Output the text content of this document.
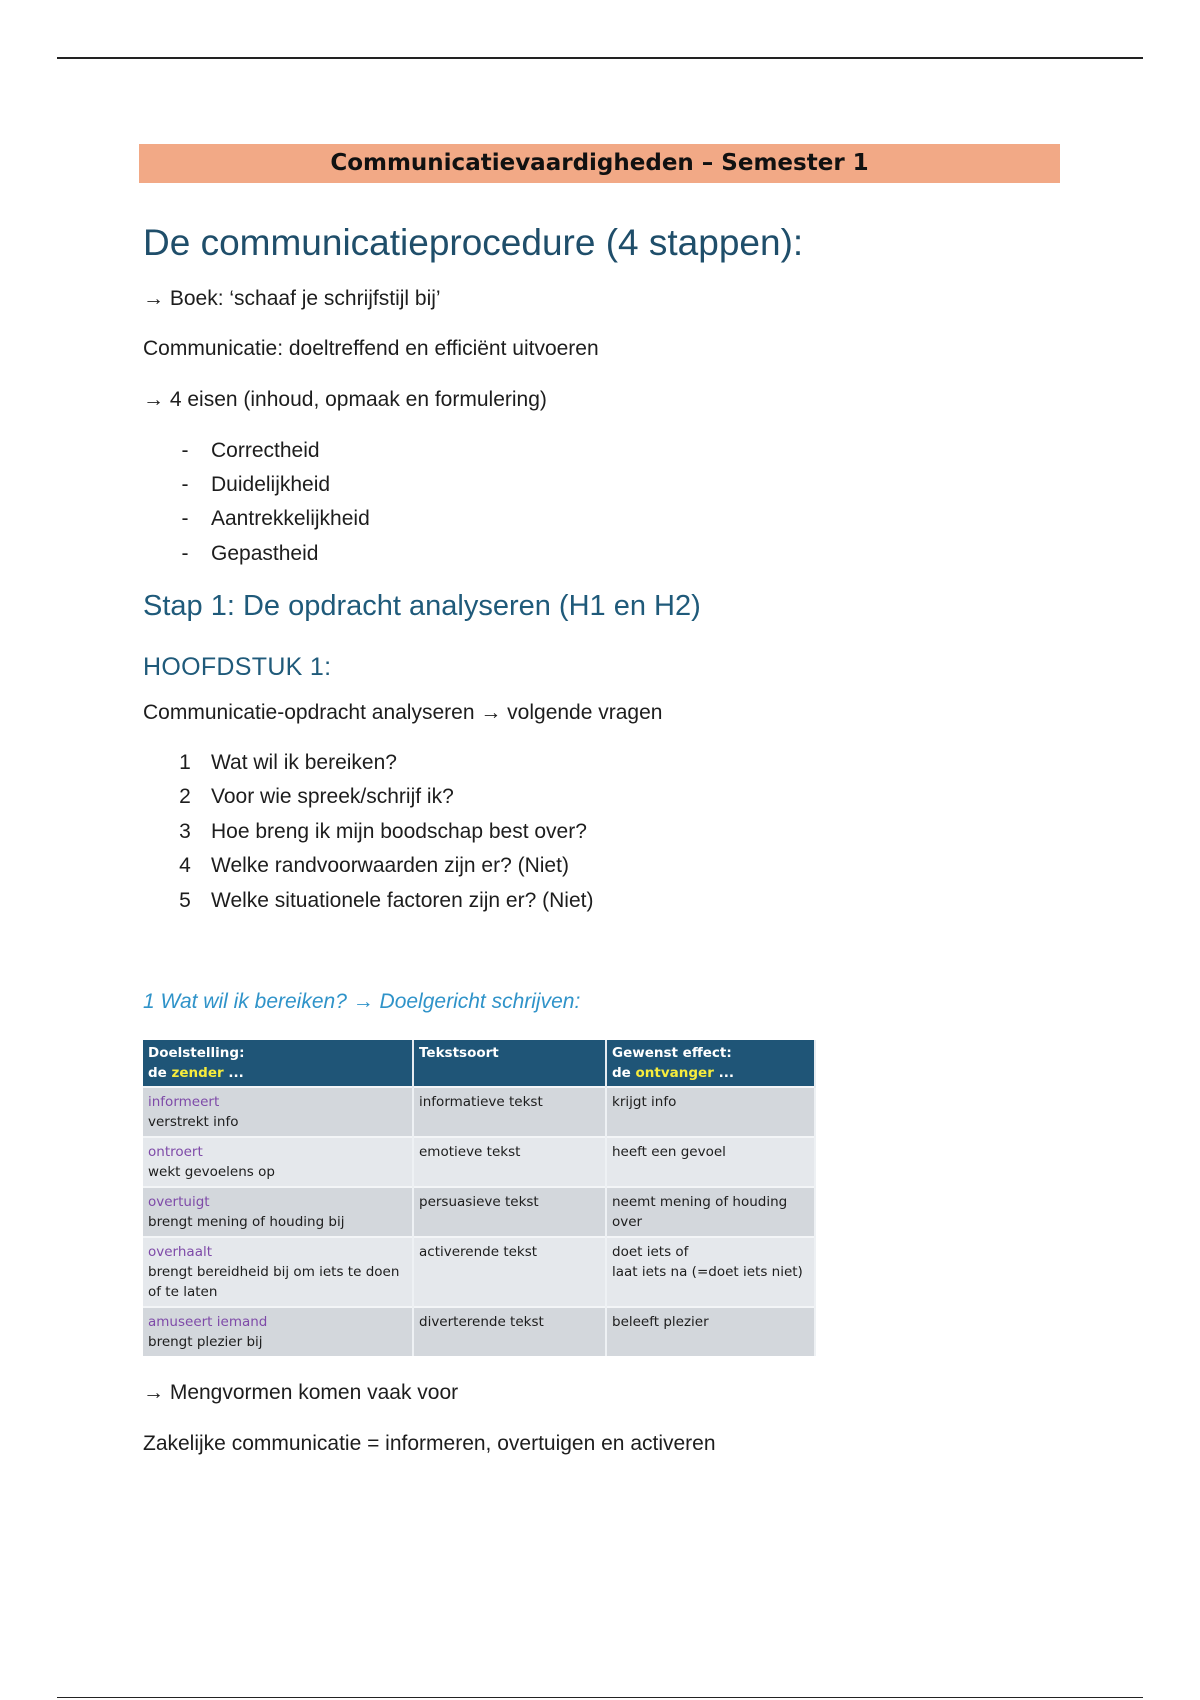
Communicatievaardigheden – Semester 1
De communicatieprocedure (4 stappen):
→ Boek: ‘schaaf je schrijfstijl bij’
Communicatie: doeltreffend en efficiënt uitvoeren
→ 4 eisen (inhoud, opmaak en formulering)
-	Correctheid
-	Duidelijkheid
-	Aantrekkelijkheid
-	Gepastheid
Stap 1: De opdracht analyseren (H1 en H2)
HOOFDSTUK 1:
Communicatie-opdracht analyseren → volgende vragen
1 Wat wil ik bereiken?
2 Voor wie spreek/schrijf ik?
3 Hoe breng ik mijn boodschap best over?
4 Welke randvoorwaarden zijn er? (Niet)
5 Welke situationele factoren zijn er? (Niet)
1 Wat wil ik bereiken? → Doelgericht schrijven:
Doelstelling:
de zender ...	Tekstsoort	Gewenst effect:
de ontvanger ...

informeert
verstrekt info	informatieve tekst	krijgt info

ontroert
wekt gevoelens op	emotieve tekst	heeft een gevoel

overtuigt
brengt mening of houding bij	persuasieve tekst	neemt mening of houding
over

overhaalt
brengt bereidheid bij om iets te doen of te laten	activerende tekst	doet iets of
laat iets na (=doet iets niet)

amuseert iemand
brengt plezier bij	diverterende tekst	beleeft plezier
→ Mengvormen komen vaak voor
Zakelijke communicatie = informeren, overtuigen en activeren
